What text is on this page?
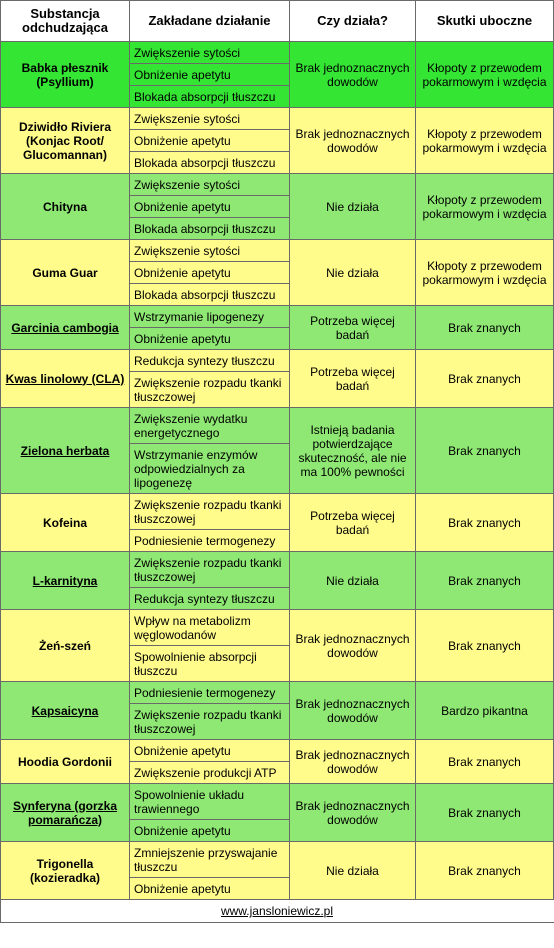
Substancja odchudzająca	Zakładane działanie	Czy działa?	Skutki uboczne
Babka płesznik (Psyllium)	Zwiększenie sytości	Brak jednoznacznych dowodów	Kłopoty z przewodem pokarmowym i wzdęcia
	Obniżenie apetytu		
	Blokada absorpcji tłuszczu		
Dziwidło Riviera (Konjac Root/ Glucomannan)	Zwiększenie sytości	Brak jednoznacznych dowodów	Kłopoty z przewodem pokarmowym i wzdęcia
	Obniżenie apetytu		
	Blokada absorpcji tłuszczu		
Chityna	Zwiększenie sytości	Nie działa	Kłopoty z przewodem pokarmowym i wzdęcia
	Obniżenie apetytu		
	Blokada absorpcji tłuszczu		
Guma Guar	Zwiększenie sytości	Nie działa	Kłopoty z przewodem pokarmowym i wzdęcia
	Obniżenie apetytu		
	Blokada absorpcji tłuszczu		
Garcinia cambogia	Wstrzymanie lipogenezy	Potrzeba więcej badań	Brak znanych
	Obniżenie apetytu		
Kwas linolowy (CLA)	Redukcja syntezy tłuszczu	Potrzeba więcej badań	Brak znanych
	Zwiększenie rozpadu tkanki tłuszczowej		
Zielona herbata	Zwiększenie wydatku energetycznego	Istnieją badania potwierdzające skuteczność, ale nie ma 100% pewności	Brak znanych
	Wstrzymanie enzymów odpowiedzialnych za lipogenezę		
Kofeina	Zwiększenie rozpadu tkanki tłuszczowej	Potrzeba więcej badań	Brak znanych
	Podniesienie termogenezy		
L-karnityna	Zwiększenie rozpadu tkanki tłuszczowej	Nie działa	Brak znanych
	Redukcja syntezy tłuszczu		
Żeń-szeń	Wpływ na metabolizm węglowodanów	Brak jednoznacznych dowodów	Brak znanych
	Spowolnienie absorpcji tłuszczu		
Kapsaicyna	Podniesienie termogenezy	Brak jednoznacznych dowodów	Bardzo pikantna
	Zwiększenie rozpadu tkanki tłuszczowej		
Hoodia Gordonii	Obniżenie apetytu	Brak jednoznacznych dowodów	Brak znanych
	Zwiększenie produkcji ATP		
Synferyna (gorzka pomarańcza)	Spowolnienie układu trawiennego	Brak jednoznacznych dowodów	Brak znanych
	Obniżenie apetytu		
Trigonella (kozieradka)	Zmniejszenie przyswajanie tłuszczu	Nie działa	Brak znanych
	Obniżenie apetytu		
www.jansloniewicz.pl			
